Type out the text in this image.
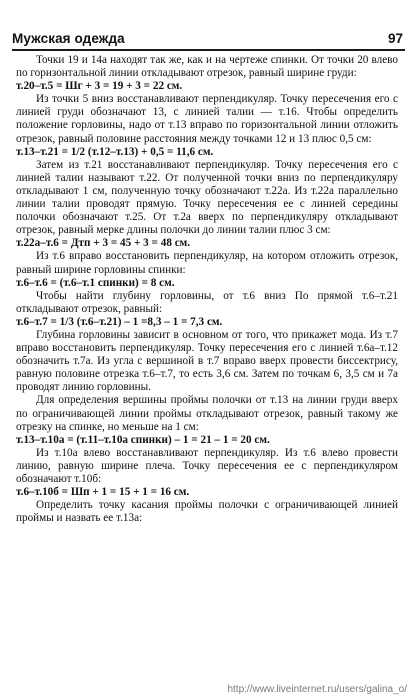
Мужская одежда	97

Точки 19 и 14а находят так же, как и на чертеже спинки. От точки 20 влево по горизонтальной линии откладывают отрезок, равный ширине груди:

т.20–т.5 = Шг + 3 = 19 + 3 = 22 см.

Из точки 5 вниз восстанавливают перпендикуляр. Точку пересечения его с линией груди обозначают 13, с линией талии — т.16. Чтобы определить положение горловины, надо от т.13 вправо по горизонтальной линии отложить отрезок, равный половине расстояния между точками 12 и 13 плюс 0,5 см:

т.13–т.21 = 1/2 (т.12–т.13) + 0,5 = 11,6 см.

Затем из т.21 восстанавливают перпендикуляр. Точку пересечения его с линией талии называют т.22. От полученной точки вниз по перпендикуляру откладывают 1 см, полученную точку обозначают т.22а. Из т.22а параллельно линии талии проводят прямую. Точку пересечения ее с линией середины полочки обозначают т.25. От т.2а вверх по перпендикуляру откладывают отрезок, равный мерке длины полочки до линии талии плюс 3 см:

т.22а–т.6 = Дтп + 3 = 45 + 3 = 48 см.

Из т.6 вправо восстановить перпендикуляр, на котором отложить отрезок, равный ширине горловины спинки:

т.6–т.6 = (т.6–т.1 спинки) = 8 см.

Чтобы найти глубину горловины, от т.6 вниз По прямой т.6–т.21 откладывают отрезок, равный:

т.6–т.7 = 1/3 (т.6–т.21) – 1 =8,3 – 1 = 7,3 см.

Глубина горловины зависит в основном от того, что прикажет мода. Из т.7 вправо восстановить перпендикуляр. Точку пересечения его с линией т.6а–т.12 обозначить т.7а. Из угла с вершиной в т.7 вправо вверх провести биссектрису, равную половине отрезка т.6–т.7, то есть 3,6 см. Затем по точкам 6, 3,5 см и 7а проводят линию горловины.

Для определения вершины проймы полочки от т.13 на линии груди вверх по ограничивающей линии проймы откладывают отрезок, равный такому же отрезку на спинке, но меньше на 1 см:

т.13–т.10а = (т.11–т.10а спинки) – 1 = 21 – 1 = 20 см.

Из т.10а влево восстанавливают перпендикуляр. Из т.6 влево провести линию, равную ширине плеча. Точку пересечения ее с перпендикуляром обозначают т.10б:

т.6–т.10б = Шп + 1 = 15 + 1 = 16 см.

Определить точку касания проймы полочки с ограничивающей линией проймы и назвать ее т.13а:

http://www.liveinternet.ru/users/galina_o/
